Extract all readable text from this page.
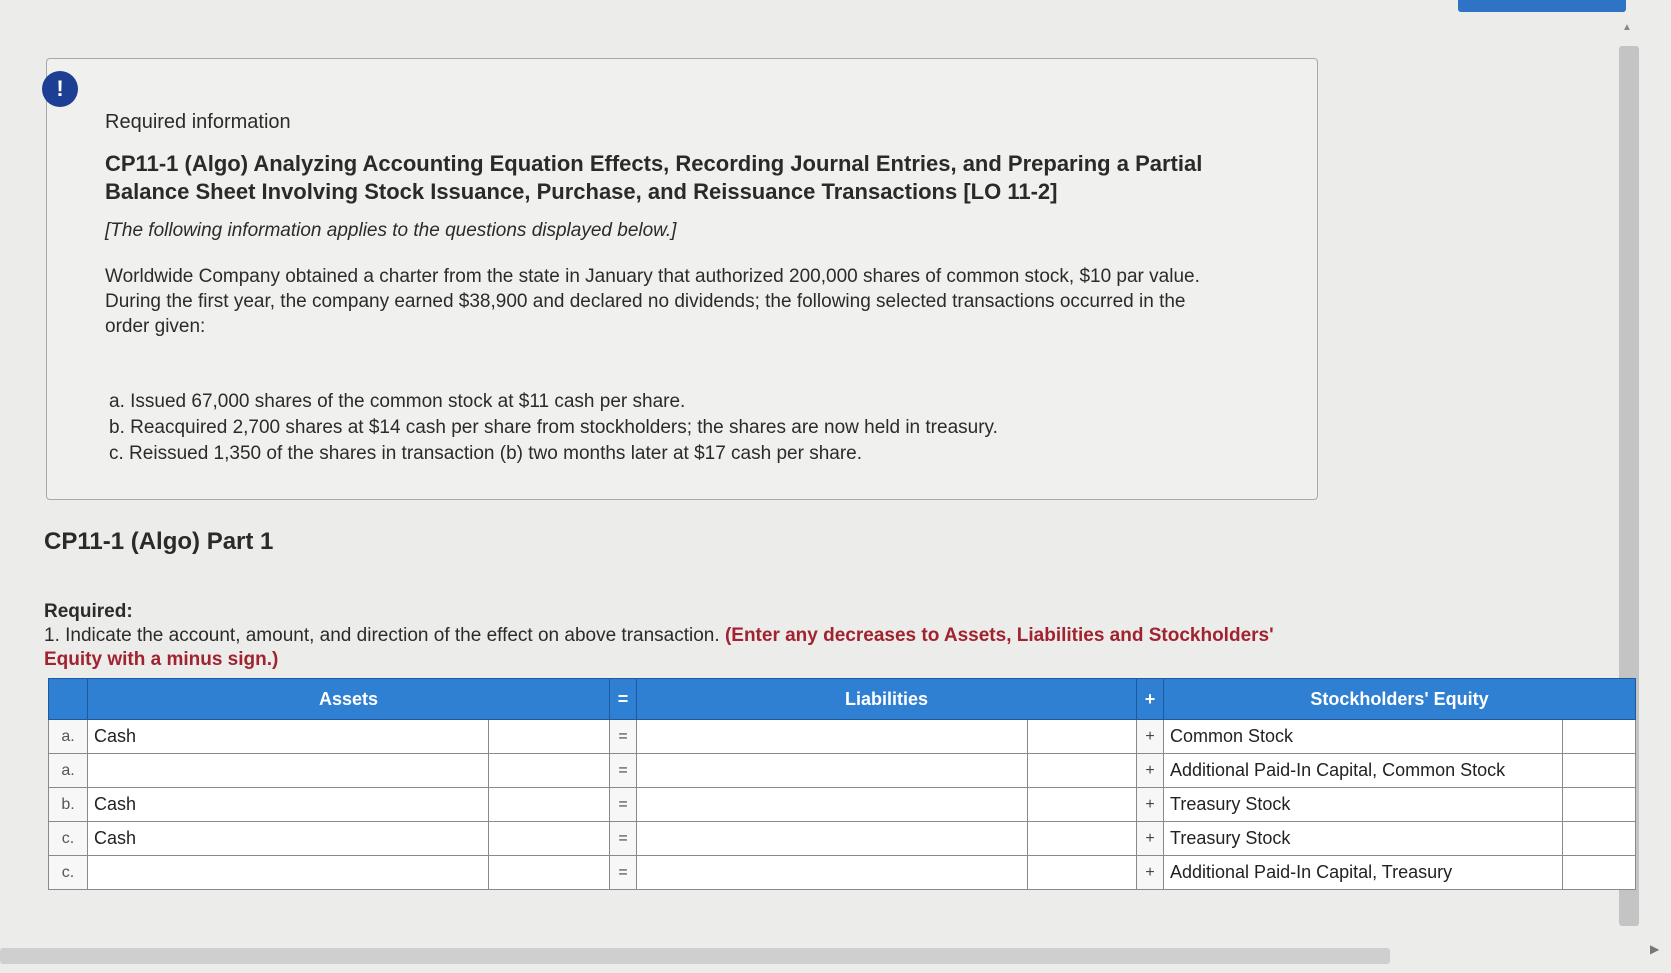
▲

Required information

CP11-1 (Algo) Analyzing Accounting Equation Effects, Recording Journal Entries, and Preparing a Partial Balance Sheet Involving Stock Issuance, Purchase, and Reissuance Transactions [LO 11-2]

[The following information applies to the questions displayed below.]

Worldwide Company obtained a charter from the state in January that authorized 200,000 shares of common stock, $10 par value. During the first year, the company earned $38,900 and declared no dividends; the following selected transactions occurred in the order given:

a. Issued 67,000 shares of the common stock at $11 cash per share.
b. Reacquired 2,700 shares at $14 cash per share from stockholders; the shares are now held in treasury.
c. Reissued 1,350 of the shares in transaction (b) two months later at $17 cash per share.
!
CP11-1 (Algo) Part 1
Required:
1. Indicate the account, amount, and direction of the effect on above transaction. (Enter any decreases to Assets, Liabilities and Stockholders' Equity with a minus sign.)
	Assets		=	Liabilities		+	Stockholders' Equity	
a.	Cash		=			+	Common Stock	
a.			=			+	Additional Paid-In Capital, Common Stock	
b.	Cash		=			+	Treasury Stock	
c.	Cash		=			+	Treasury Stock	
c.			=			+	Additional Paid-In Capital, Treasury	
▶
